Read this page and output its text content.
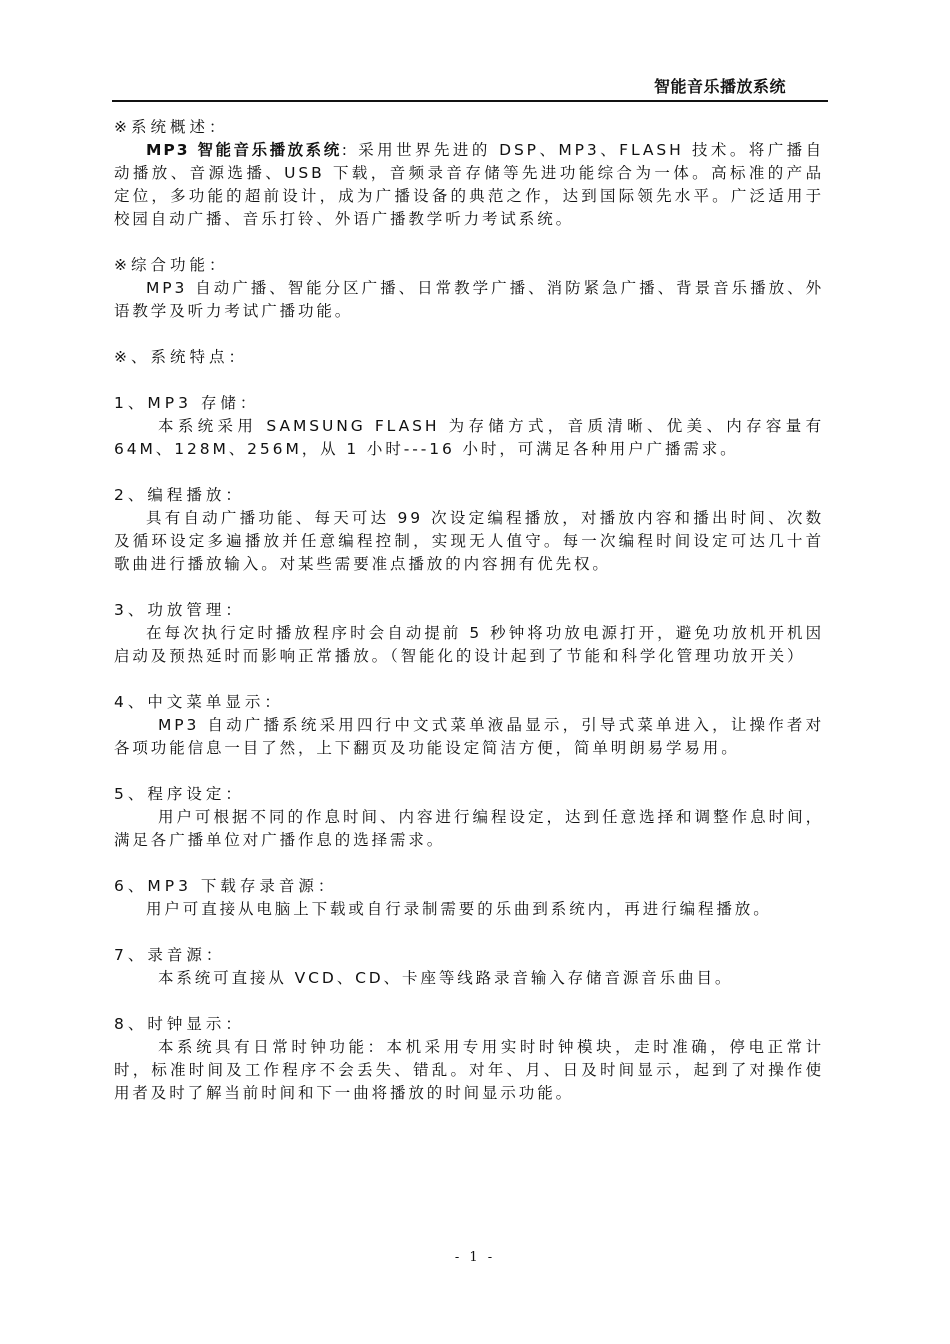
智能音乐播放系统
※系统概述：
MP3 智能音乐播放系统: 采用世界先进的 DSP、MP3、FLASH 技术。将广播自动播放、音源选播、USB 下载，音频录音存储等先进功能综合为一体。高标准的产品定位，多功能的超前设计，成为广播设备的典范之作，达到国际领先水平。广泛适用于校园自动广播、音乐打铃、外语广播教学听力考试系统。
※综合功能：
MP3 自动广播、智能分区广播、日常教学广播、消防紧急广播、背景音乐播放、外语教学及听力考试广播功能。
※、系统特点：
1、MP3 存储：
本系统采用 SAMSUNG FLASH 为存储方式，音质清晰、优美、内存容量有 64M、128M、256M，从 1 小时---16 小时，可满足各种用户广播需求。
2、编程播放：
具有自动广播功能、每天可达 99 次设定编程播放，对播放内容和播出时间、次数及循环设定多遍播放并任意编程控制，实现无人值守。每一次编程时间设定可达几十首歌曲进行播放输入。对某些需要准点播放的内容拥有优先权。
3、功放管理：
在每次执行定时播放程序时会自动提前 5 秒钟将功放电源打开，避免功放机开机因启动及预热延时而影响正常播放。（智能化的设计起到了节能和科学化管理功放开关）
4、中文菜单显示：
MP3 自动广播系统采用四行中文式菜单液晶显示，引导式菜单进入，让操作者对各项功能信息一目了然，上下翻页及功能设定简洁方便，简单明朗易学易用。
5、程序设定：
用户可根据不同的作息时间、内容进行编程设定，达到任意选择和调整作息时间，满足各广播单位对广播作息的选择需求。
6、MP3 下载存录音源：
用户可直接从电脑上下载或自行录制需要的乐曲到系统内，再进行编程播放。
7、录音源：
本系统可直接从 VCD、CD、卡座等线路录音输入存储音源音乐曲目。
8、时钟显示：
本系统具有日常时钟功能：本机采用专用实时时钟模块，走时准确，停电正常计时，标准时间及工作程序不会丢失、错乱。对年、月、日及时间显示，起到了对操作使用者及时了解当前时间和下一曲将播放的时间显示功能。
- 1 -
